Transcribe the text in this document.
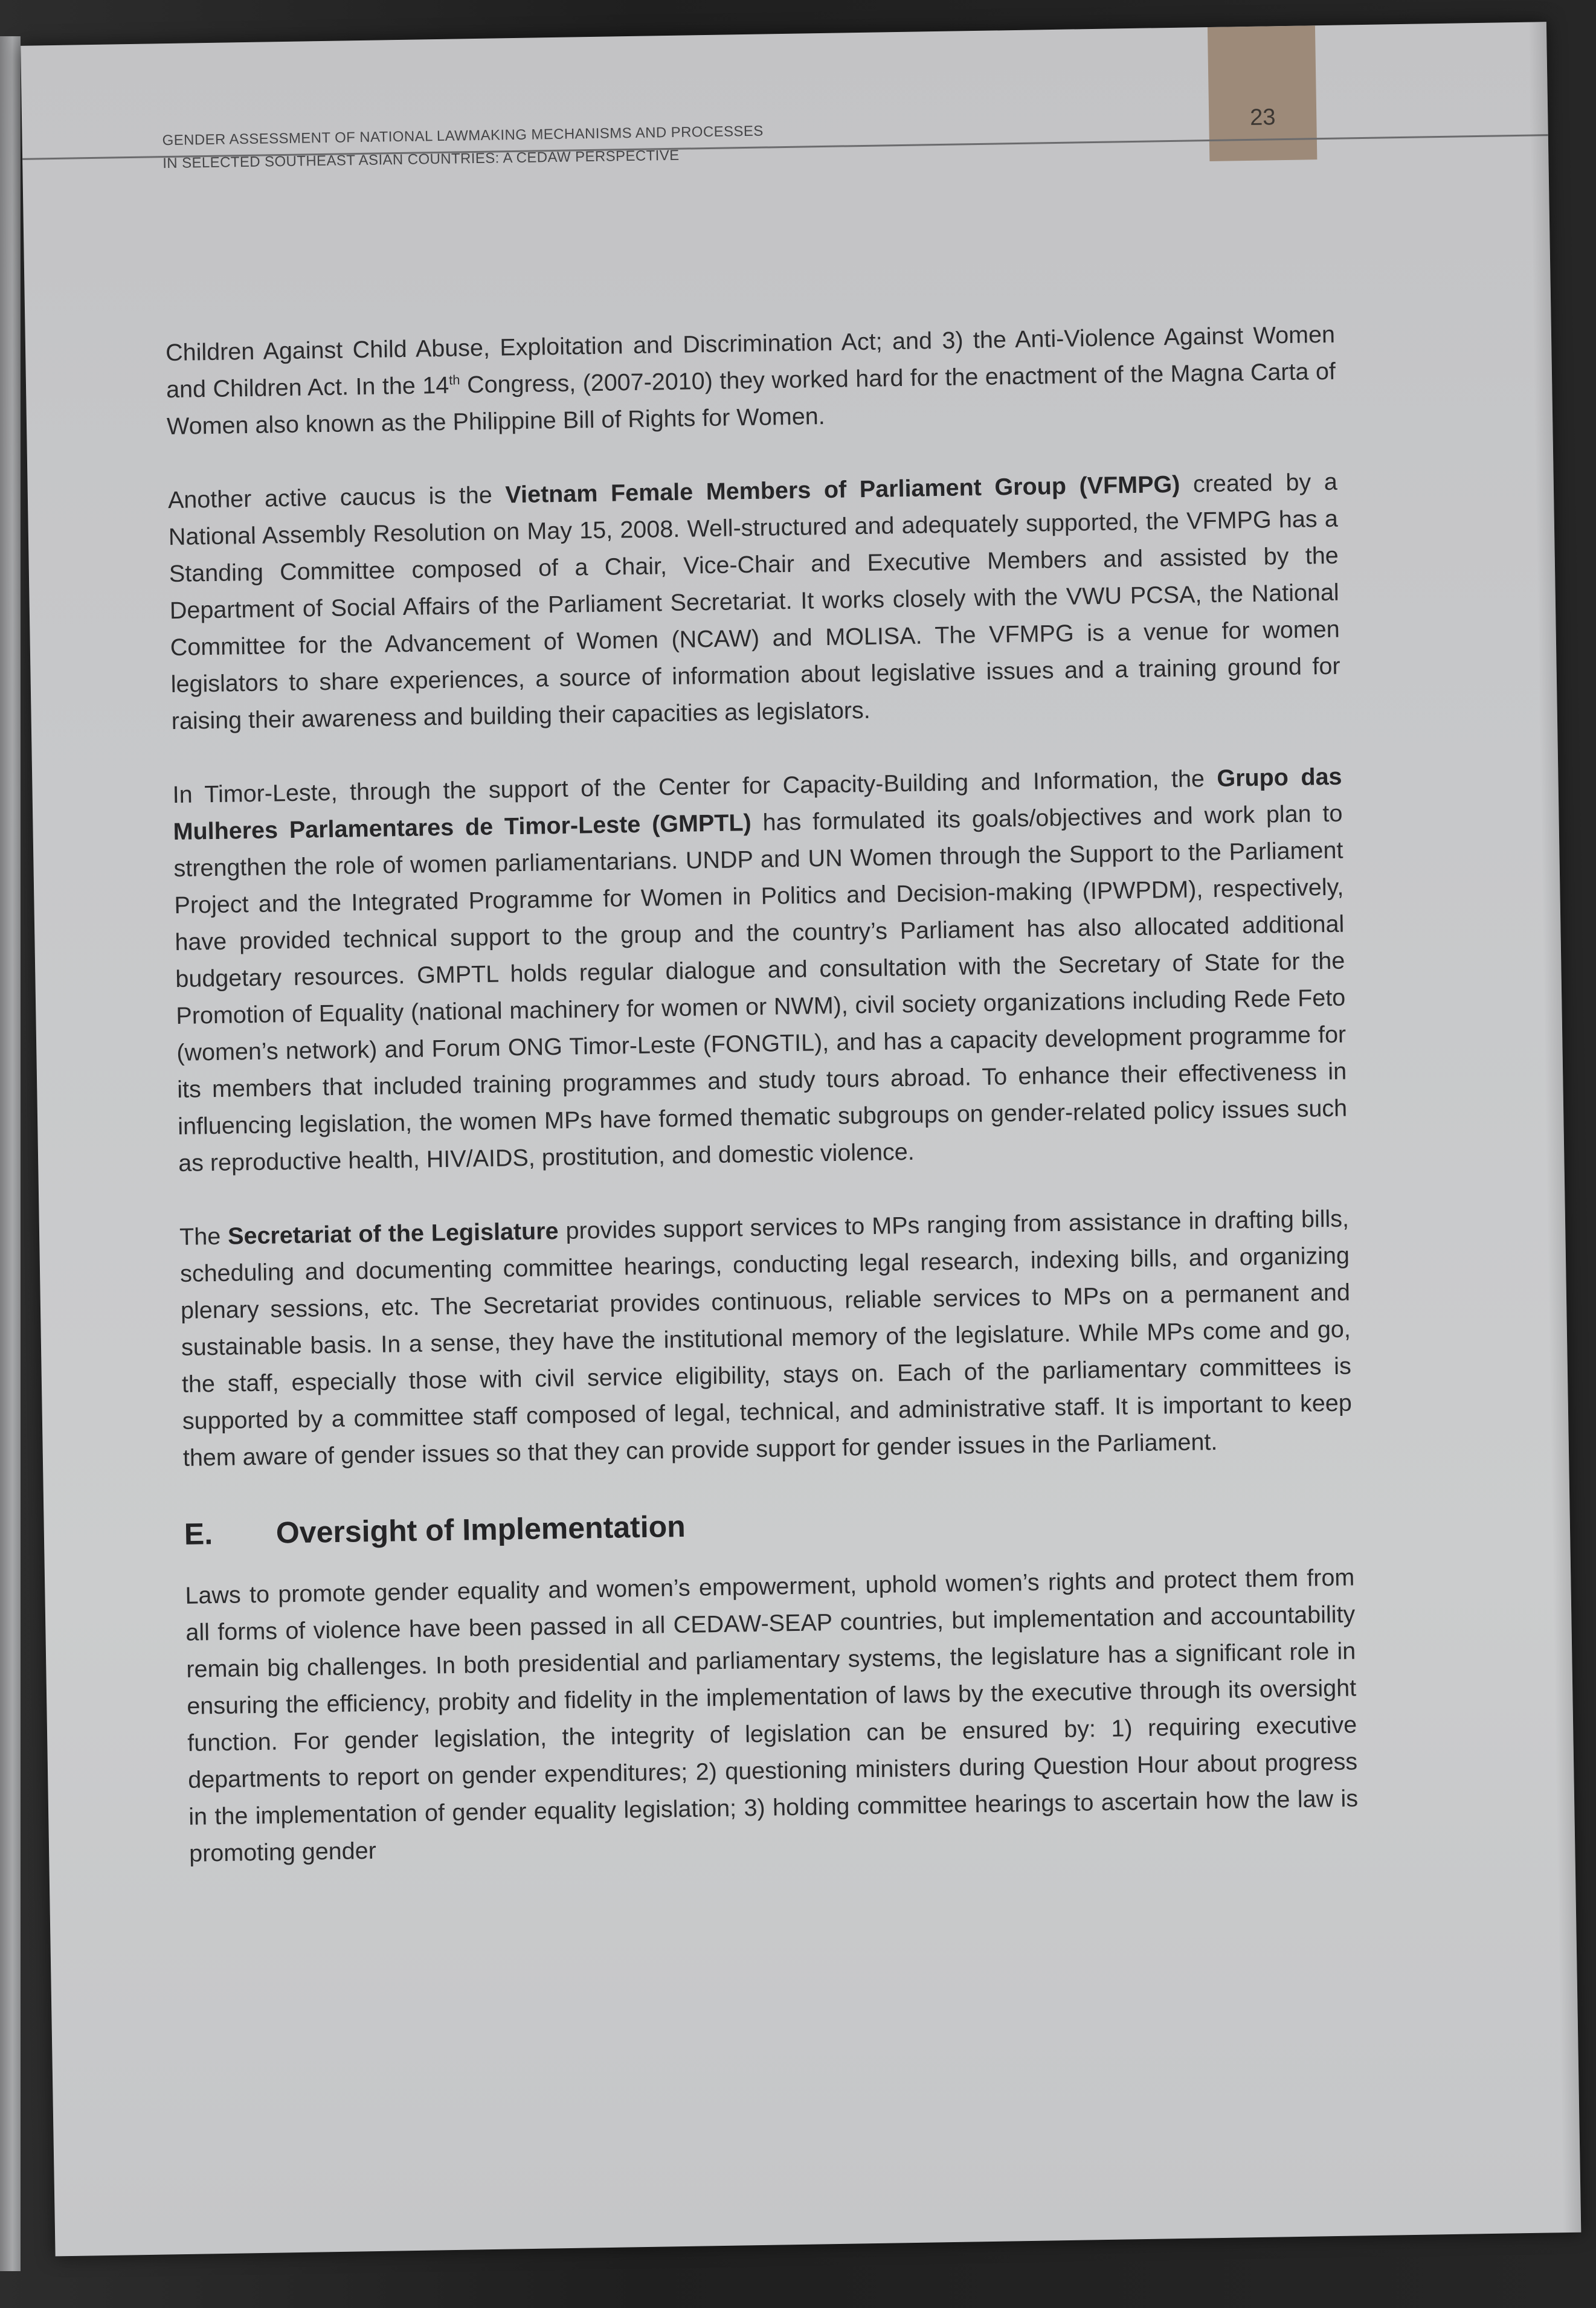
23

GENDER ASSESSMENT OF NATIONAL LAWMAKING MECHANISMS AND PROCESSES
IN SELECTED SOUTHEAST ASIAN COUNTRIES: A CEDAW PERSPECTIVE

Children Against Child Abuse, Exploitation and Discrimination Act; and 3) the Anti-Violence Against Women and Children Act. In the 14th Congress, (2007-2010) they worked hard for the enactment of the Magna Carta of Women also known as the Philippine Bill of Rights for Women.

Another active caucus is the Vietnam Female Members of Parliament Group (VFMPG) created by a National Assembly Resolution on May 15, 2008. Well-structured and adequately supported, the VFMPG has a Standing Committee composed of a Chair, Vice-Chair and Executive Members and assisted by the Department of Social Affairs of the Parliament Secretariat. It works closely with the VWU PCSA, the National Committee for the Advancement of Women (NCAW) and MOLISA. The VFMPG is a venue for women legislators to share experiences, a source of information about legislative issues and a training ground for raising their awareness and building their capacities as legislators.

In Timor-Leste, through the support of the Center for Capacity-Building and Information, the Grupo das Mulheres Parlamentares de Timor-Leste (GMPTL) has formulated its goals/objectives and work plan to strengthen the role of women parliamentarians. UNDP and UN Women through the Support to the Parliament Project and the Integrated Programme for Women in Politics and Decision-making (IPWPDM), respectively, have provided technical support to the group and the country’s Parliament has also allocated additional budgetary resources. GMPTL holds regular dialogue and consultation with the Secretary of State for the Promotion of Equality (national machinery for women or NWM), civil society organizations including Rede Feto (women’s network) and Forum ONG Timor-Leste (FONGTIL), and has a capacity development programme for its members that included training programmes and study tours abroad. To enhance their effectiveness in influencing legislation, the women MPs have formed thematic subgroups on gender-related policy issues such as reproductive health, HIV/AIDS, prostitution, and domestic violence.

The Secretariat of the Legislature provides support services to MPs ranging from assistance in drafting bills, scheduling and documenting committee hearings, conducting legal research, indexing bills, and organizing plenary sessions, etc. The Secretariat provides continuous, reliable services to MPs on a permanent and sustainable basis. In a sense, they have the institutional memory of the legislature. While MPs come and go, the staff, especially those with civil service eligibility, stays on. Each of the parliamentary committees is supported by a committee staff composed of legal, technical, and administrative staff. It is important to keep them aware of gender issues so that they can provide support for gender issues in the Parliament.

E.	Oversight of Implementation

Laws to promote gender equality and women’s empowerment, uphold women’s rights and protect them from all forms of violence have been passed in all CEDAW-SEAP countries, but implementation and accountability remain big challenges. In both presidential and parliamentary systems, the legislature has a significant role in ensuring the efficiency, probity and fidelity in the implementation of laws by the executive through its oversight function. For gender legislation, the integrity of legislation can be ensured by: 1) requiring executive departments to report on gender expenditures; 2) questioning ministers during Question Hour about progress in the implementation of gender equality legislation; 3) holding committee hearings to ascertain how the law is promoting gender
